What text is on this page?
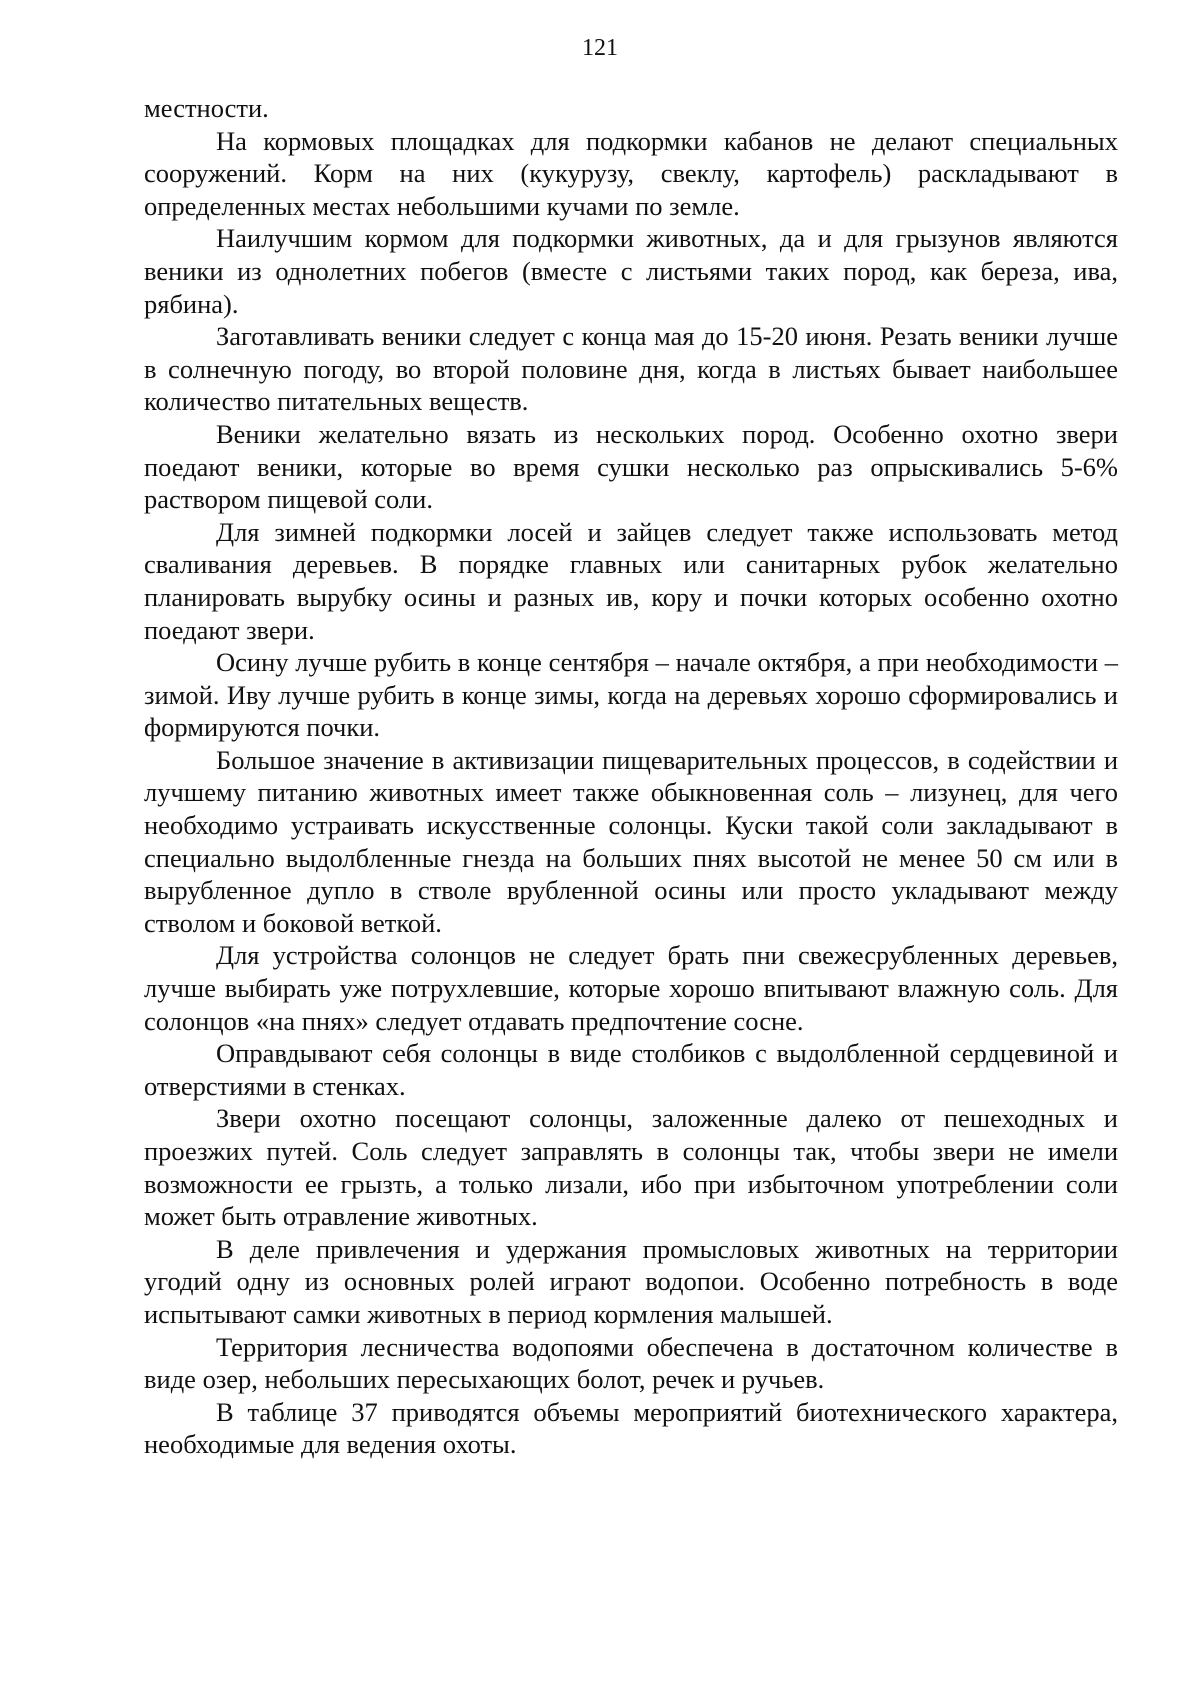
121

местности.

На кормовых площадках для подкормки кабанов не делают специальных сооружений. Корм на них (кукурузу, свеклу, картофель) раскладывают в определенных местах небольшими кучами по земле.

Наилучшим кормом для подкормки животных, да и для грызунов являются веники из однолетних побегов (вместе с листьями таких пород, как береза, ива, рябина).

Заготавливать веники следует с конца мая до 15-20 июня. Резать веники лучше в солнечную погоду, во второй половине дня, когда в листьях бывает наибольшее количество питательных веществ.

Веники желательно вязать из нескольких пород. Особенно охотно звери поедают веники, которые во время сушки несколько раз опрыскивались 5-6% раствором пищевой соли.

Для зимней подкормки лосей и зайцев следует также использовать метод сваливания деревьев. В порядке главных или санитарных рубок желательно планировать вырубку осины и разных ив, кору и почки которых особенно охотно поедают звери.

Осину лучше рубить в конце сентября – начале октября, а при необходимости – зимой. Иву лучше рубить в конце зимы, когда на деревьях хорошо сформировались и формируются почки.

Большое значение в активизации пищеварительных процессов, в содействии и лучшему питанию животных имеет также обыкновенная соль – лизунец, для чего необходимо устраивать искусственные солонцы. Куски такой соли закладывают в специально выдолбленные гнезда на больших пнях высотой не менее 50 см или в вырубленное дупло в стволе врубленной осины или просто укладывают между стволом и боковой веткой.

Для устройства солонцов не следует брать пни свежесрубленных деревьев, лучше выбирать уже потрухлевшие, которые хорошо впитывают влажную соль. Для солонцов «на пнях» следует отдавать предпочтение сосне.

Оправдывают себя солонцы в виде столбиков с выдолбленной сердцевиной и отверстиями в стенках.

Звери охотно посещают солонцы, заложенные далеко от пешеходных и проезжих путей. Соль следует заправлять в солонцы так, чтобы звери не имели возможности ее грызть, а только лизали, ибо при избыточном употреблении соли может быть отравление животных.

В деле привлечения и удержания промысловых животных на территории угодий одну из основных ролей играют водопои. Особенно потребность в воде испытывают самки животных в период кормления малышей.

Территория лесничества водопоями обеспечена в достаточном количестве в виде озер, небольших пересыхающих болот, речек и ручьев.

В таблице 37 приводятся объемы мероприятий биотехнического характера, необходимые для ведения охоты.
